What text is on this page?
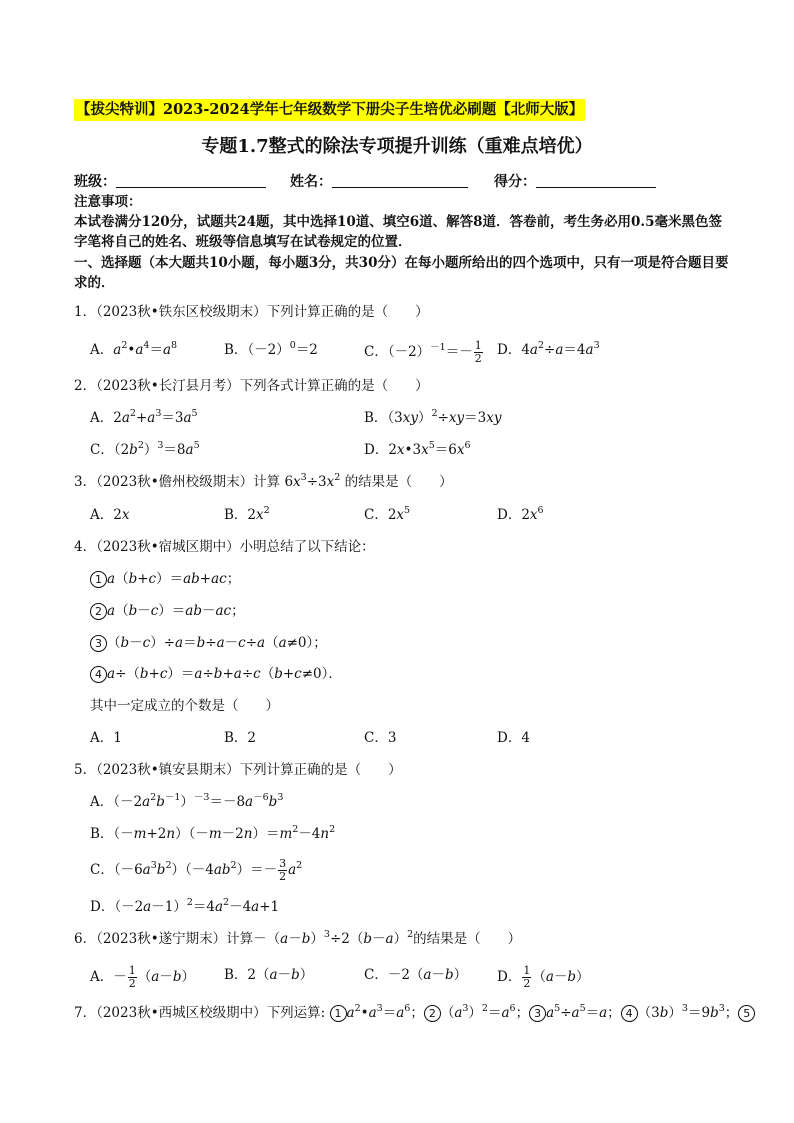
【拔尖特训】2023-2024学年七年级数学下册尖子生培优必刷题【北师大版】
专题1.7整式的除法专项提升训练（重难点培优）
班级：	姓名：	得分：
注意事项：
本试卷满分120分，试题共24题，其中选择10道、填空6道、解答8道．答卷前，考生务必用0.5毫米黑色签字笔将自己的姓名、班级等信息填写在试卷规定的位置．
一、选择题（本大题共10小题，每小题3分，共30分）在每小题所给出的四个选项中，只有一项是符合题目要求的．
1．（2023秋•铁东区校级期末）下列计算正确的是（　　）
A．$a^2•a^4=a^8$	B．$(-2)^0=2$	C．$(-2)^{-1}=- \frac{1}{2}$ D．$4a^2\div a=4a^3$
2．（2023秋•长汀县月考）下列各式计算正确的是（　　）
A．$2a^2+a^3=3a^5$	B．$(3xy)^2\div xy=3xy$
C．$(2b^2)^3=8a^5$	D．$2x•3x^5=6x^6$
3．（2023秋•儋州校级期末）计算 $6x^3\div 3x^2$ 的结果是（　　）
A．2x	B．$2x^2$	C．$2x^5$	D．$2x^6$
4．（2023秋•宿城区期中）小明总结了以下结论：
1 a（b+c）＝ab+ac；
2 a（b－c）＝ab－ac；
3 （b－c）÷a＝b÷a－c÷a（a≠0）；
4 a÷（b+c）＝a÷b+a÷c（b+c≠0）．
其中一定成立的个数是（　　）
A．1	B．2	C．3	D．4
5．（2023秋•镇安县期末）下列计算正确的是（　　）
A．$(-2a^2b^{-1})^{-3}=-8a^{-6}b^3$
B．$(-m+2n)(-m-2n)=m^2-4n^2$
C．$(-6a^3b^2)(-4ab^2)=- \frac{3}{2} a^2$
D．$(-2a-1)^2=4a^2-4a+1$
6．（2023秋•遂宁期末）计算$-(a-b)^3\div 2(b-a)^2$的结果是（　　）
A．－ $\frac{1}{2} (a-b)$ B．2（a－b）	C．－2（a－b） D． $\frac{1}{2} (a-b)$
7．（2023秋•西城区校级期中）下列运算: 1 $a^2•a^3=a^6$； 2 $(a^3)^2=a^6$； 3 $a^5\div a^5=a$； 4 $(3b)^3=9b^3$； 5
